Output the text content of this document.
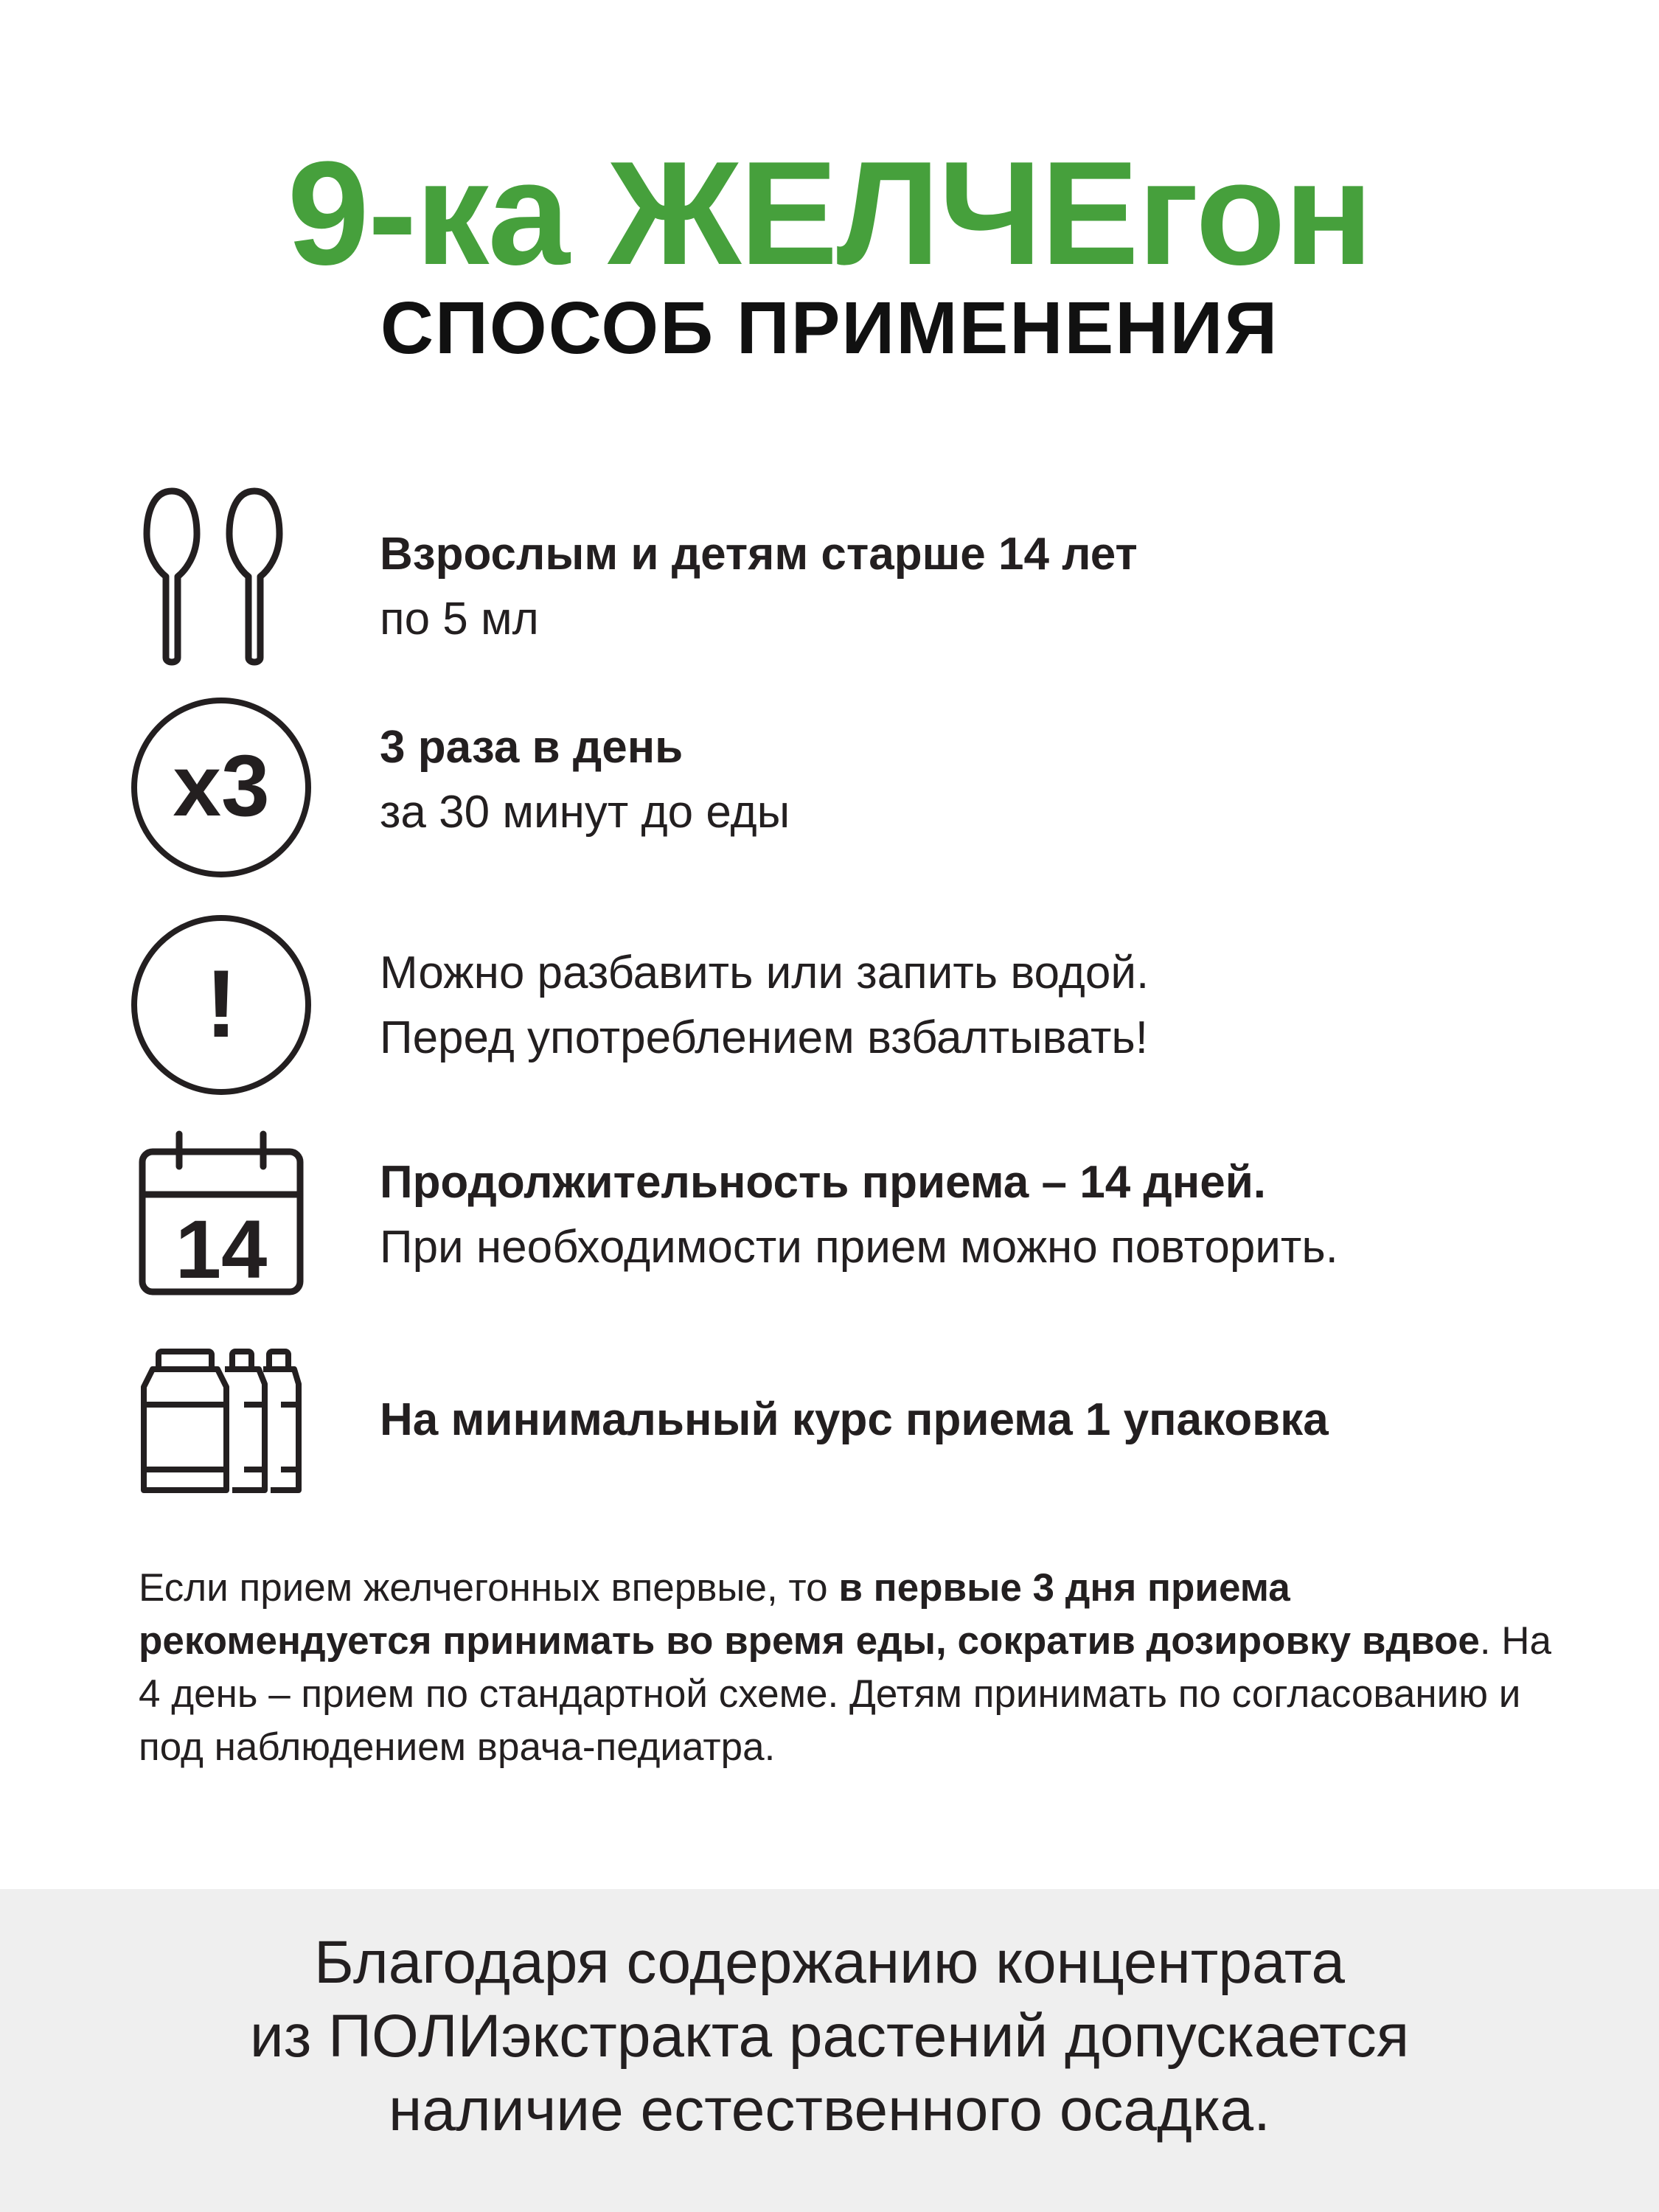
9-ка ЖЕЛЧЕгон
СПОСОБ ПРИМЕНЕНИЯ
Взрослым и детям старше 14 лет
по 5 мл
x3 3 раза в день
за 30 минут до еды
!	Можно разбавить или запить водой.
Перед употреблением взбалтывать!
14
Продолжительность приема – 14 дней.
При необходимости прием можно повторить.
На минимальный курс приема 1 упаковка
Если прием желчегонных впервые, то в первые 3 дня приема рекомендуется принимать во время еды, сократив дозировку вдвое. На 4 день – прием по стандартной схеме. Детям принимать по согласованию и под наблюдением врача-педиатра.
Благодаря содержанию концентрата
из ПОЛИэкстракта растений допускается
наличие естественного осадка.
